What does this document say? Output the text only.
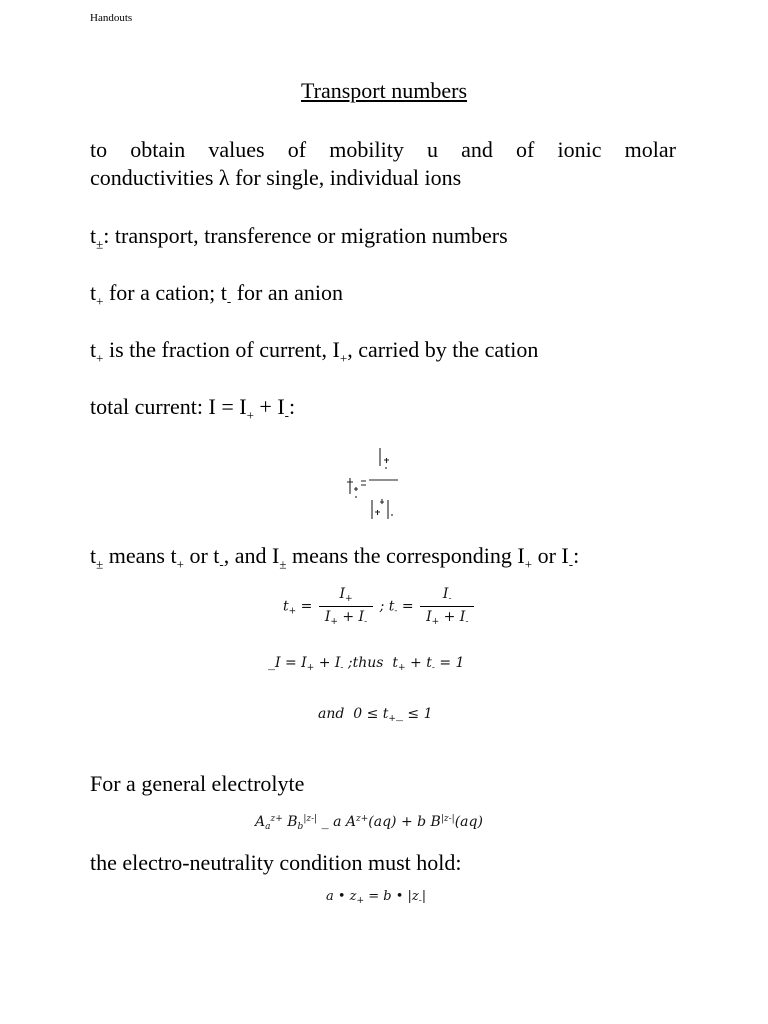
Handouts
Transport numbers
to obtain values of mobility u and of ionic molar
conductivities λ for single, individual ions
$t_\pm$: transport, transference or migration numbers
$t_+$ for a cation; $t_-$ for an anion
$t_+$ is the fraction of current, $I_+$, carried by the cation
total current: $I = I_+ + I_-$:
$t_\pm$ means $t_+$ or $t_-$, and $I_\pm$ means the corresponding $I_+$ or $I_-$:
$t_+ = \frac{I_+}{I_+ + I_-}$ ; $t_- = \frac{I_-}{I_+ + I_-}$
_I = $I_+ + I_-$ ;thus  $t_+ + t_- = 1$
and  $0 \le t_+\_ \le 1$
For a general electrolyte
$A_a^{z+}$ $B_b^{|z-|}$ _ a $A^{z+}(aq) + b$ $B^{|z-|}(aq)$
the electro-neutrality condition must hold:
a • $z_+ = b$ • $|z_-|$
